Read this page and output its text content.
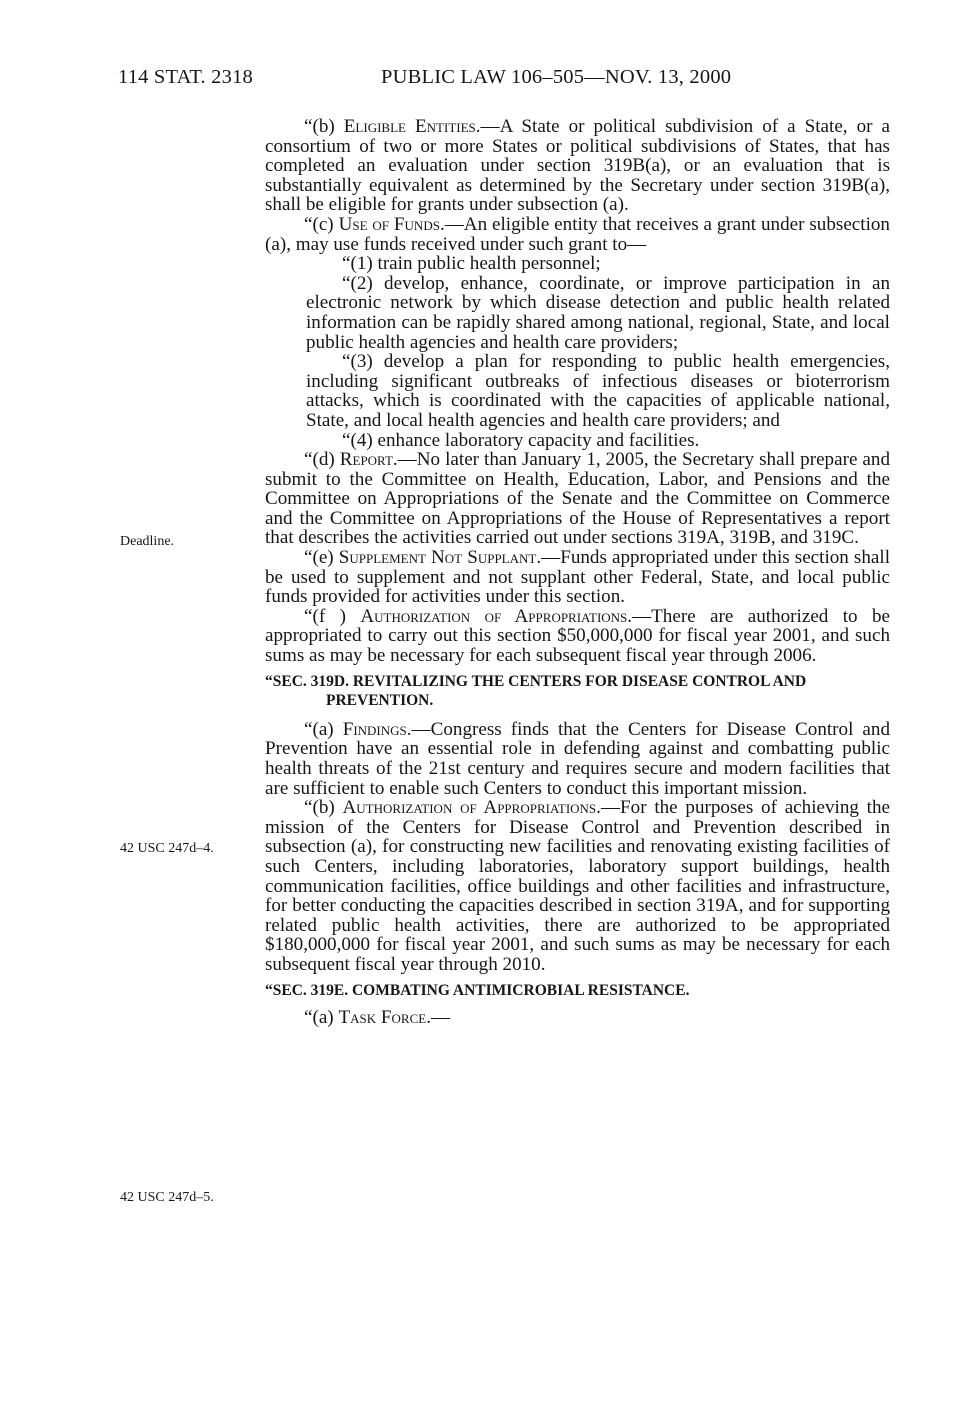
114 STAT. 2318	PUBLIC LAW 106–505—NOV. 13, 2000
Deadline.
42 USC 247d–4.
42 USC 247d–5.

“(b) Eligible Entities.—A State or political subdivision of a State, or a consortium of two or more States or political subdivisions of States, that has completed an evaluation under section 319B(a), or an evaluation that is substantially equivalent as determined by the Secretary under section 319B(a), shall be eligible for grants under subsection (a).

“(c) Use of Funds.—An eligible entity that receives a grant under subsection (a), may use funds received under such grant to—

“(1) train public health personnel;

“(2) develop, enhance, coordinate, or improve participation in an electronic network by which disease detection and public health related information can be rapidly shared among national, regional, State, and local public health agencies and health care providers;

“(3) develop a plan for responding to public health emergencies, including significant outbreaks of infectious diseases or bioterrorism attacks, which is coordinated with the capacities of applicable national, State, and local health agencies and health care providers; and

“(4) enhance laboratory capacity and facilities.

“(d) Report.—No later than January 1, 2005, the Secretary shall prepare and submit to the Committee on Health, Education, Labor, and Pensions and the Committee on Appropriations of the Senate and the Committee on Commerce and the Committee on Appropriations of the House of Representatives a report that describes the activities carried out under sections 319A, 319B, and 319C.

“(e) Supplement Not Supplant.—Funds appropriated under this section shall be used to supplement and not supplant other Federal, State, and local public funds provided for activities under this section.

“(f ) Authorization of Appropriations.—There are authorized to be appropriated to carry out this section $50,000,000 for fiscal year 2001, and such sums as may be necessary for each subsequent fiscal year through 2006.

“SEC. 319D. REVITALIZING THE CENTERS FOR DISEASE CONTROL AND

PREVENTION.

“(a) Findings.—Congress finds that the Centers for Disease Control and Prevention have an essential role in defending against and combatting public health threats of the 21st century and requires secure and modern facilities that are sufficient to enable such Centers to conduct this important mission.

“(b) Authorization of Appropriations.—For the purposes of achieving the mission of the Centers for Disease Control and Prevention described in subsection (a), for constructing new facilities and renovating existing facilities of such Centers, including laboratories, laboratory support buildings, health communication facilities, office buildings and other facilities and infrastructure, for better conducting the capacities described in section 319A, and for supporting related public health activities, there are authorized to be appropriated $180,000,000 for fiscal year 2001, and such sums as may be necessary for each subsequent fiscal year through 2010.

“SEC. 319E. COMBATING ANTIMICROBIAL RESISTANCE.

“(a) Task Force.—
